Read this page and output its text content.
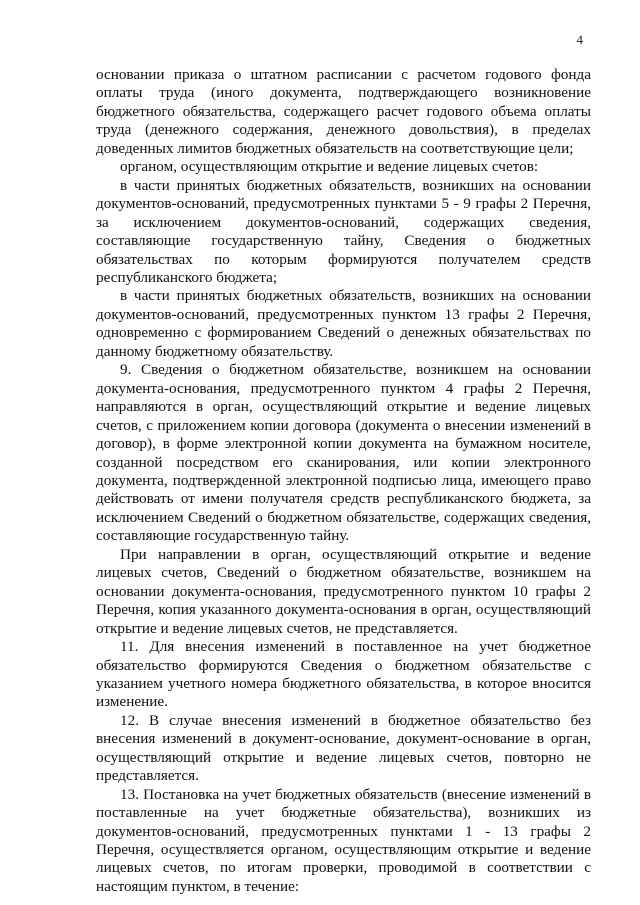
4

основании приказа о штатном расписании с расчетом годового фонда оплаты труда (иного документа, подтверждающего возникновение бюджетного обязательства, содержащего расчет годового объема оплаты труда (денежного содержания, денежного довольствия), в пределах доведенных лимитов бюджетных обязательств на соответствующие цели;

органом, осуществляющим открытие и ведение лицевых счетов:

в части принятых бюджетных обязательств, возникших на основании документов-оснований, предусмотренных пунктами 5 - 9 графы 2 Перечня, за исключением документов-оснований, содержащих сведения, составляющие государственную тайну, Сведения о бюджетных обязательствах по которым формируются получателем средств республиканского бюджета;

в части принятых бюджетных обязательств, возникших на основании документов-оснований, предусмотренных пунктом 13 графы 2 Перечня, одновременно с формированием Сведений о денежных обязательствах по данному бюджетному обязательству.

9. Сведения о бюджетном обязательстве, возникшем на основании документа-основания, предусмотренного пунктом 4 графы 2 Перечня, направляются в орган, осуществляющий открытие и ведение лицевых счетов, с приложением копии договора (документа о внесении изменений в договор), в форме электронной копии документа на бумажном носителе, созданной посредством его сканирования, или копии электронного документа, подтвержденной электронной подписью лица, имеющего право действовать от имени получателя средств республиканского бюджета, за исключением Сведений о бюджетном обязательстве, содержащих сведения, составляющие государственную тайну.

При направлении в орган, осуществляющий открытие и ведение лицевых счетов, Сведений о бюджетном обязательстве, возникшем на основании документа-основания, предусмотренного пунктом 10 графы 2 Перечня, копия указанного документа-основания в орган, осуществляющий открытие и ведение лицевых счетов, не представляется.

11. Для внесения изменений в поставленное на учет бюджетное обязательство формируются Сведения о бюджетном обязательстве с указанием учетного номера бюджетного обязательства, в которое вносится изменение.

12. В случае внесения изменений в бюджетное обязательство без внесения изменений в документ-основание, документ-основание в орган, осуществляющий открытие и ведение лицевых счетов, повторно не представляется.

13. Постановка на учет бюджетных обязательств (внесение изменений в поставленные на учет бюджетные обязательства), возникших из документов-оснований, предусмотренных пунктами 1 - 13 графы 2 Перечня, осуществляется органом, осуществляющим открытие и ведение лицевых счетов, по итогам проверки, проводимой в соответствии с настоящим пунктом, в течение:
